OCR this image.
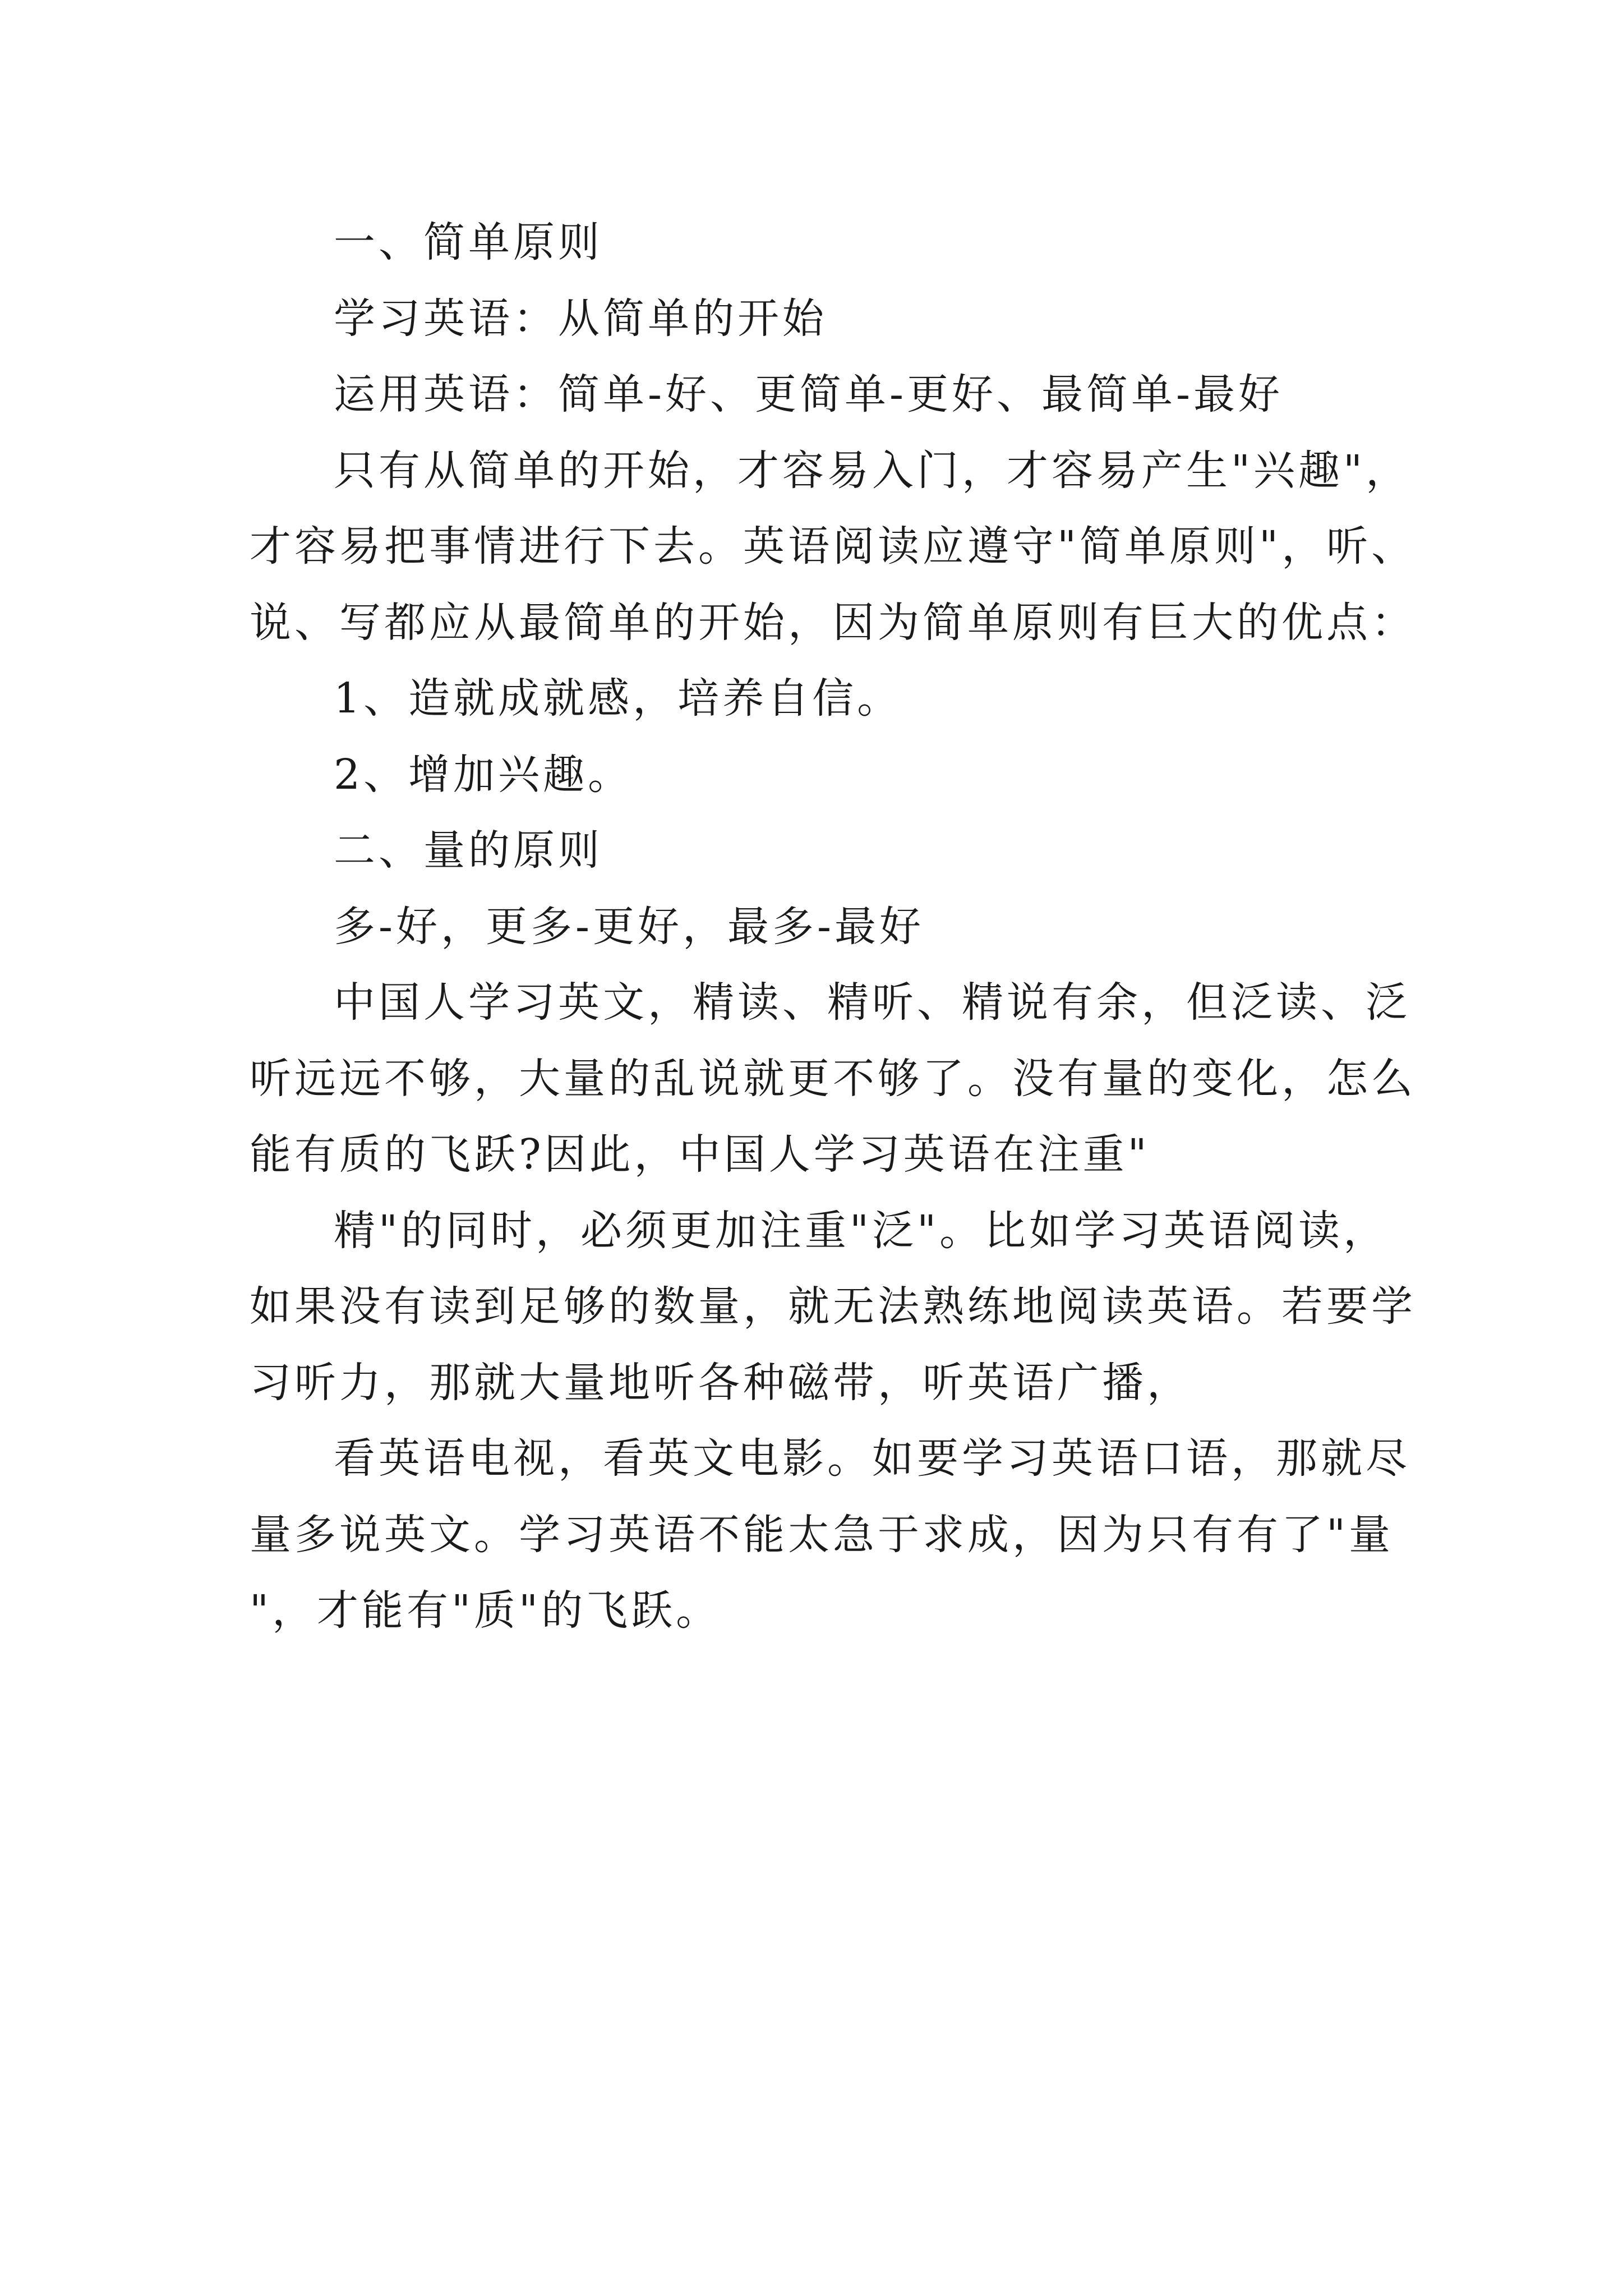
一、简单原则

学习英语：从简单的开始

运用英语：简单-好、更简单-更好、最简单-最好

只有从简单的开始，才容易入门，才容易产生"兴趣"，

才容易把事情进行下去。英语阅读应遵守"简单原则"，听、

说、写都应从最简单的开始，因为简单原则有巨大的优点：

1、造就成就感，培养自信。

2、增加兴趣。

二、量的原则

多-好，更多-更好，最多-最好

中国人学习英文，精读、精听、精说有余，但泛读、泛

听远远不够，大量的乱说就更不够了。没有量的变化，怎么

能有质的飞跃?因此，中国人学习英语在注重"

精"的同时，必须更加注重"泛"。比如学习英语阅读，

如果没有读到足够的数量，就无法熟练地阅读英语。若要学

习听力，那就大量地听各种磁带，听英语广播，

看英语电视，看英文电影。如要学习英语口语，那就尽

量多说英文。学习英语不能太急于求成，因为只有有了"量

"，才能有"质"的飞跃。
